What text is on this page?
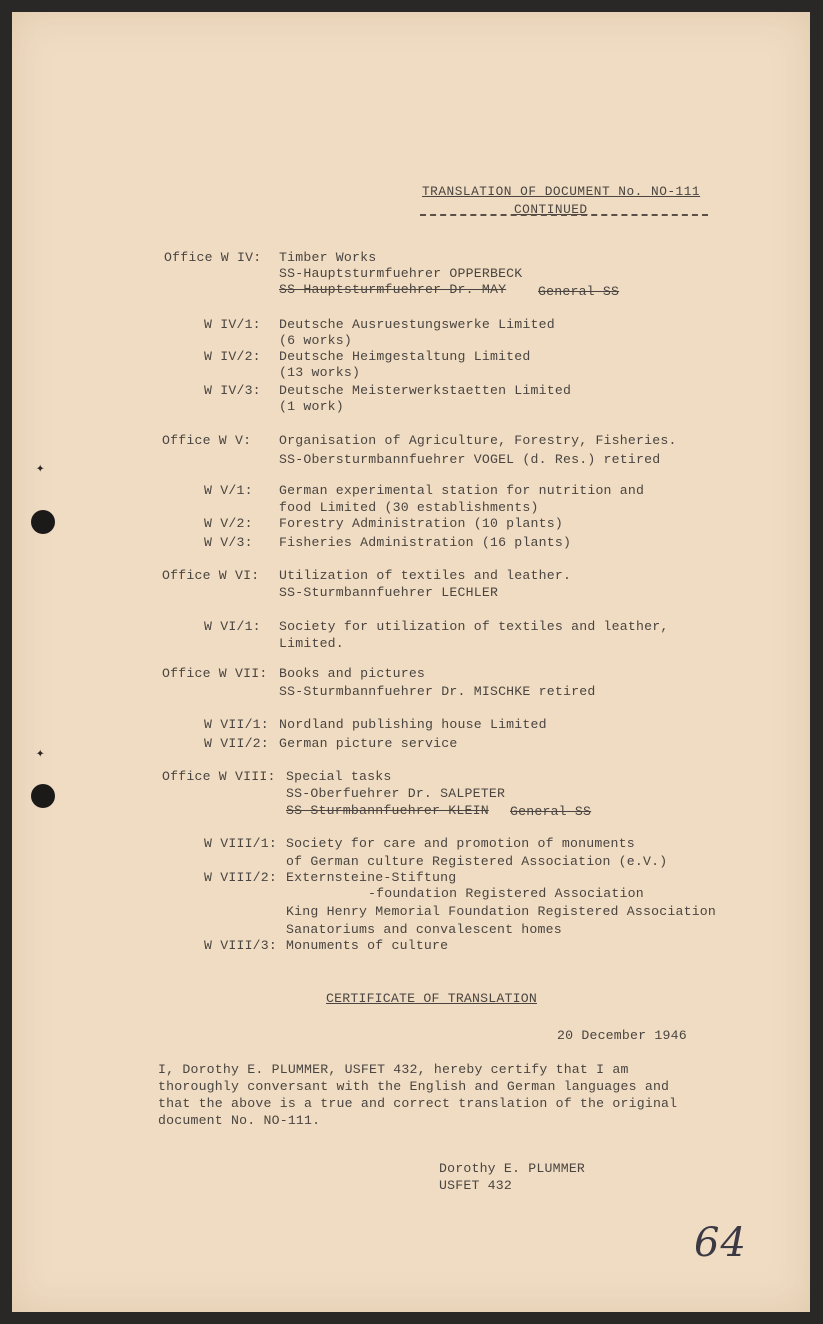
TRANSLATION OF DOCUMENT No. NO-111
CONTINUED
Office W IV: Timber Works
SS-Hauptsturmfuehrer OPPERBECK
SS-Hauptsturmfuehrer Dr. MAY General-SS
W IV/1: Deutsche Ausruestungswerke Limited
(6 works)
W IV/2: Deutsche Heimgestaltung Limited
(13 works)
W IV/3: Deutsche Meisterwerkstaetten Limited
(1 work)
Office W V: Organisation of Agriculture, Forestry, Fisheries.
SS-Obersturmbannfuehrer VOGEL (d. Res.) retired
W V/1: German experimental station for nutrition and
food Limited (30 establishments)
W V/2: Forestry Administration (10 plants)
W V/3: Fisheries Administration (16 plants)
Office W VI: Utilization of textiles and leather.
SS-Sturmbannfuehrer LECHLER
W VI/1: Society for utilization of textiles and leather,
Limited.
Office W VII: Books and pictures
SS-Sturmbannfuehrer Dr. MISCHKE retired
W VII/1: Nordland publishing house Limited
W VII/2: German picture service
Office W VIII: Special tasks
SS-Oberfuehrer Dr. SALPETER
SS-Sturmbannfuehrer KLEIN General-SS
W VIII/1: Society for care and promotion of monuments
of German culture Registered Association (e.V.)
W VIII/2: Externsteine-Stiftung
-foundation Registered Association
King Henry Memorial Foundation Registered Association
Sanatoriums and convalescent homes
W VIII/3: Monuments of culture
CERTIFICATE OF TRANSLATION
20 December 1946
I, Dorothy E. PLUMMER, USFET 432, hereby certify that I am
thoroughly conversant with the English and German languages and
that the above is a true and correct translation of the original
document No. NO-111.
Dorothy E. PLUMMER
USFET 432
64
✦
✦
